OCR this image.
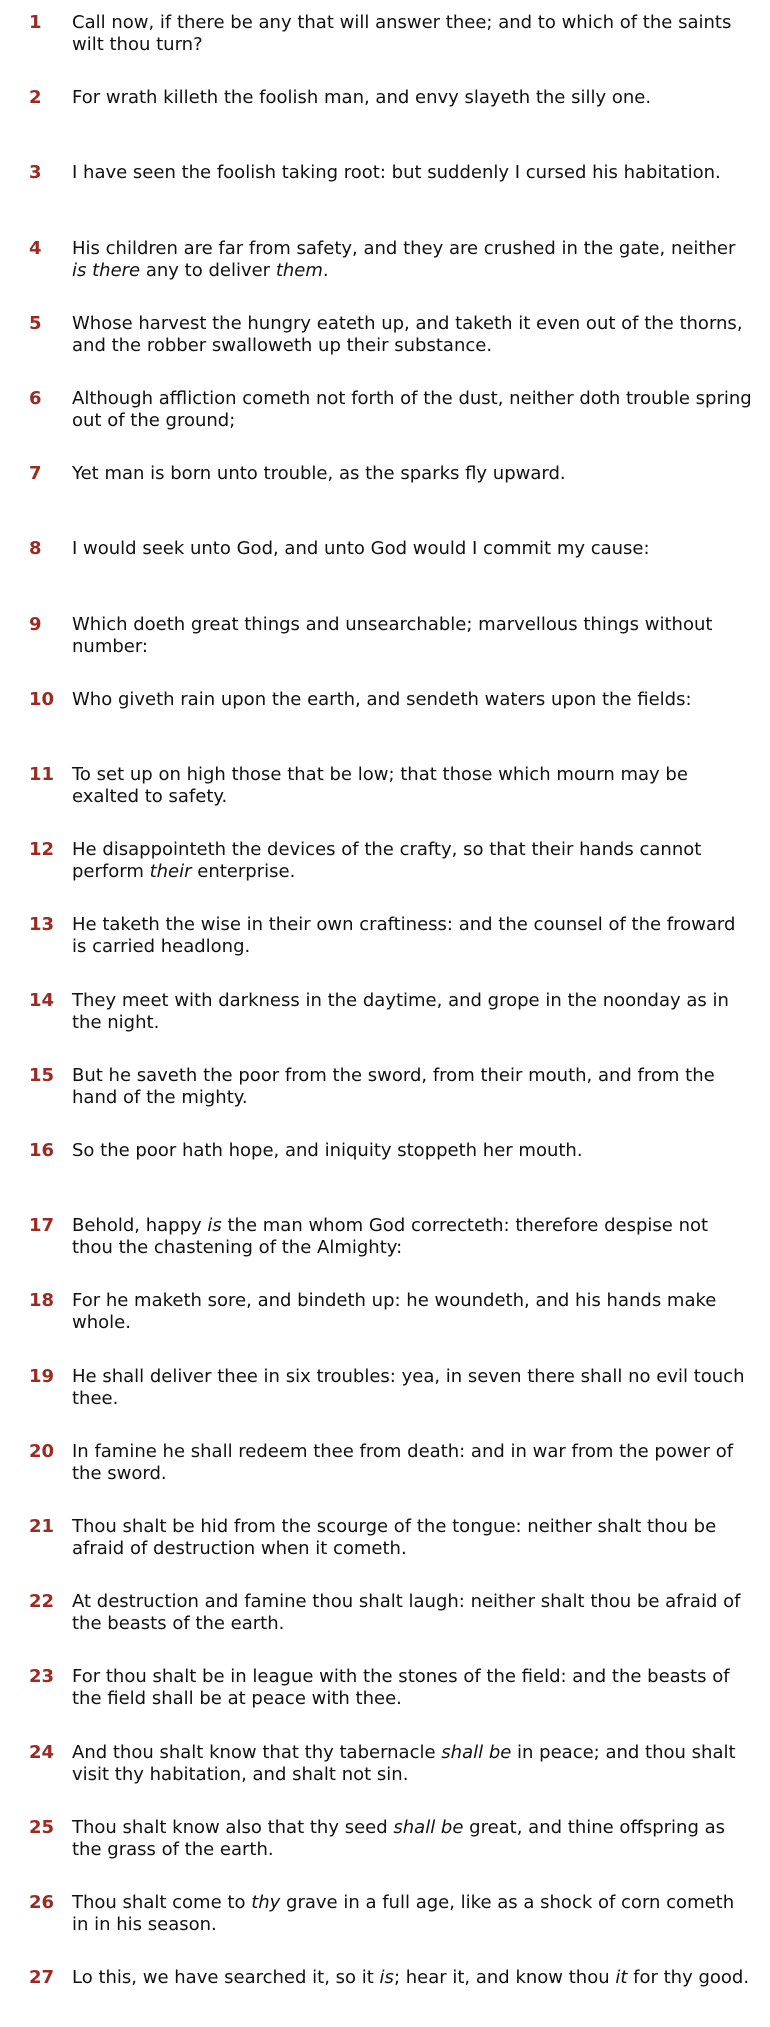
1 Call now, if there be any that will answer thee; and to which of the saints wilt thou turn?
2 For wrath killeth the foolish man, and envy slayeth the silly one.
3 I have seen the foolish taking root: but suddenly I cursed his habitation.
4 His children are far from safety, and they are crushed in the gate, neither is there any to deliver them.
5 Whose harvest the hungry eateth up, and taketh it even out of the thorns, and the robber swalloweth up their substance.
6 Although affliction cometh not forth of the dust, neither doth trouble spring out of the ground;
7 Yet man is born unto trouble, as the sparks fly upward.
8 I would seek unto God, and unto God would I commit my cause:
9 Which doeth great things and unsearchable; marvellous things without number:
10 Who giveth rain upon the earth, and sendeth waters upon the fields:
11 To set up on high those that be low; that those which mourn may be exalted to safety.
12 He disappointeth the devices of the crafty, so that their hands cannot perform their enterprise.
13 He taketh the wise in their own craftiness: and the counsel of the froward is carried headlong.
14 They meet with darkness in the daytime, and grope in the noonday as in the night.
15 But he saveth the poor from the sword, from their mouth, and from the hand of the mighty.
16 So the poor hath hope, and iniquity stoppeth her mouth.
17 Behold, happy is the man whom God correcteth: therefore despise not thou the chastening of the Almighty:
18 For he maketh sore, and bindeth up: he woundeth, and his hands make whole.
19 He shall deliver thee in six troubles: yea, in seven there shall no evil touch thee.
20 In famine he shall redeem thee from death: and in war from the power of the sword.
21 Thou shalt be hid from the scourge of the tongue: neither shalt thou be afraid of destruction when it cometh.
22 At destruction and famine thou shalt laugh: neither shalt thou be afraid of the beasts of the earth.
23 For thou shalt be in league with the stones of the field: and the beasts of the field shall be at peace with thee.
24 And thou shalt know that thy tabernacle shall be in peace; and thou shalt visit thy habitation, and shalt not sin.
25 Thou shalt know also that thy seed shall be great, and thine offspring as the grass of the earth.
26 Thou shalt come to thy grave in a full age, like as a shock of corn cometh in in his season.
27 Lo this, we have searched it, so it is; hear it, and know thou it for thy good.
